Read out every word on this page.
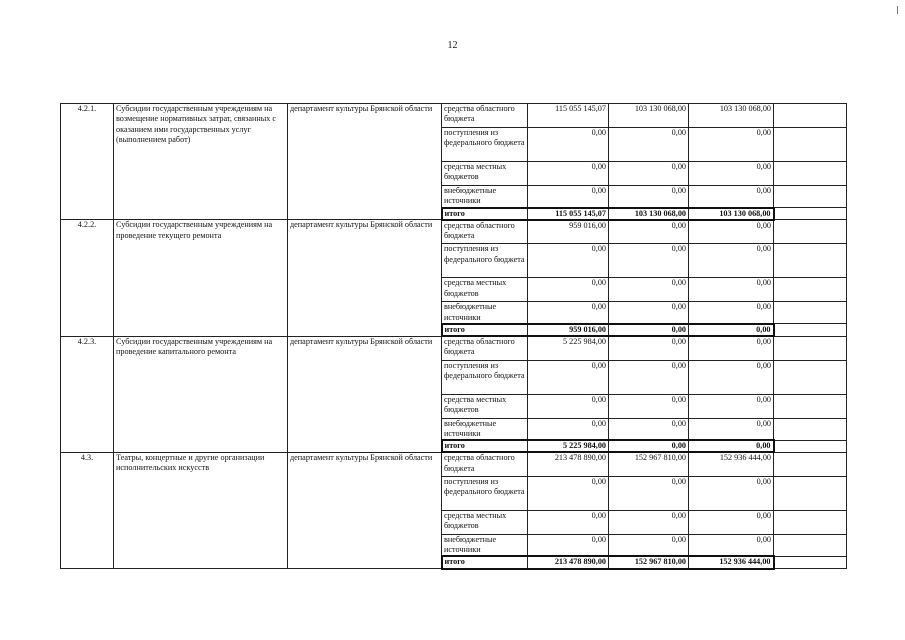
12
4.2.1.	Субсидии государственным учреждениям на возмещение нормативных затрат, связанных с оказанием ими государственных услуг (выполнением работ)	департамент культуры Брянской области	средства областного бюджета	115 055 145,07	103 130 068,00	103 130 068,00	
			поступления из федерального бюджета	0,00	0,00	0,00	
			средства местных бюджетов	0,00	0,00	0,00	
			внебюджетные источники	0,00	0,00	0,00	
			итого	115 055 145,07	103 130 068,00	103 130 068,00	
4.2.2.	Субсидии государственным учреждениям на проведение текущего ремонта	департамент культуры Брянской области	средства областного бюджета	959 016,00	0,00	0,00	
			поступления из федерального бюджета	0,00	0,00	0,00	
			средства местных бюджетов	0,00	0,00	0,00	
			внебюджетные источники	0,00	0,00	0,00	
			итого	959 016,00	0,00	0,00	
4.2.3.	Субсидии государственным учреждениям на проведение капитального ремонта	департамент культуры Брянской области	средства областного бюджета	5 225 984,00	0,00	0,00	
			поступления из федерального бюджета	0,00	0,00	0,00	
			средства местных бюджетов	0,00	0,00	0,00	
			внебюджетные источники	0,00	0,00	0,00	
			итого	5 225 984,00	0,00	0,00	
4.3.	Театры, концертные и другие организации исполнительских искусств	департамент культуры Брянской области	средства областного бюджета	213 478 890,00	152 967 810,00	152 936 444,00	
			поступления из федерального бюджета	0,00	0,00	0,00	
			средства местных бюджетов	0,00	0,00	0,00	
			внебюджетные источники	0,00	0,00	0,00	
			итого	213 478 890,00	152 967 810,00	152 936 444,00	
